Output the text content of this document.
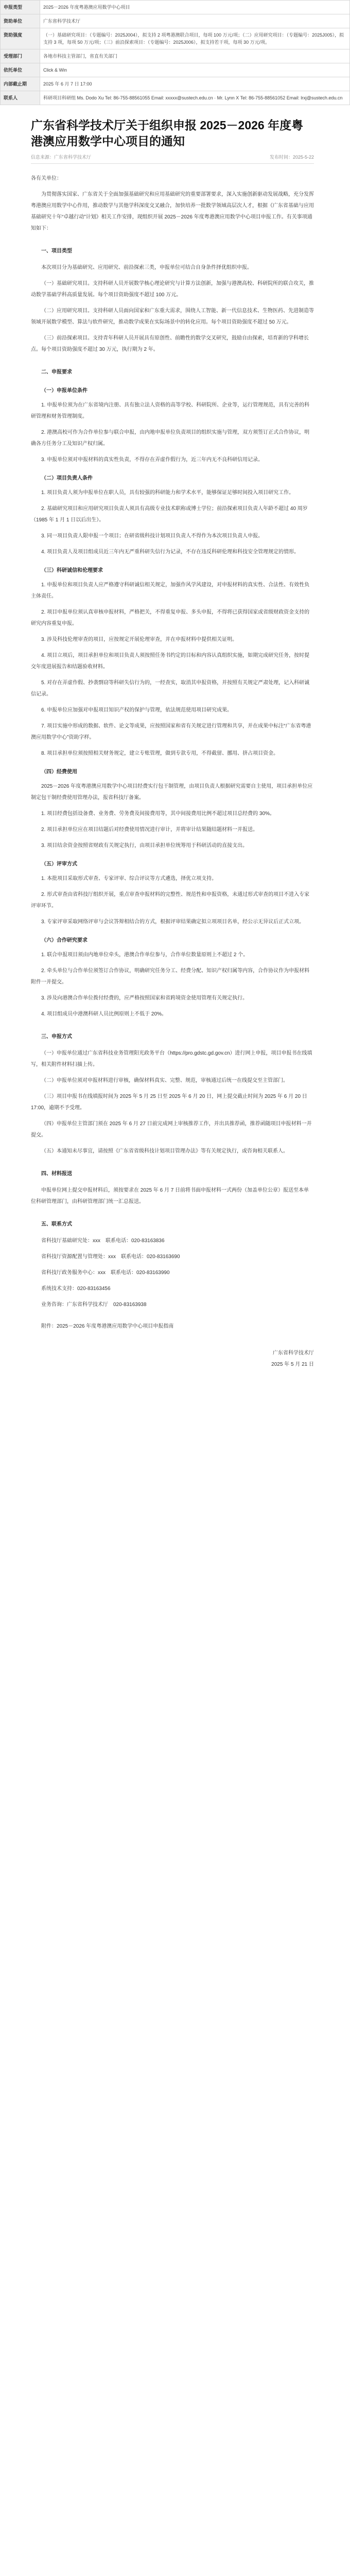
申报类型	2025－2026 年度粤港澳应用数学中心项目
资助单位	广东省科学技术厅
资助强度	（一）基础研究项目：（专题编号：2025J004），拟支持 2 项粤港澳联合项目，每项 100 万元/项；（二）应用研究项目：（专题编号：2025J005），拟支持 3 项，每项 50 万元/项；（三）前沿探索项目：（专题编号：2025J006），拟支持若干项，每项 30 万元/项。
受理部门	各地市科技主管部门，省直有关部门
依托单位	Click & Win
内部截止期	2025 年 6 月 7 日 17:00
联系人	科研项目科研组 Ms. Dodo Xu Tel: 86-755-88561055 Email: xxxxx@sustech.edu.cn · Mr. Lynn X Tel: 86-755-88561052 Email: lrxj@sustech.edu.cn
广东省科学技术厅关于组织申报 2025－2026 年度粤港澳应用数学中心项目的通知
信息来源：广东省科学技术厅	发布时间：2025-5-22

各有关单位：

为贯彻落实国家、广东省关于全面加强基础研究和应用基础研究的重要部署要求，深入实施创新驱动发展战略，充分发挥粤港澳应用数学中心作用，推动数学与其他学科深度交叉融合，加快培养一批数学领域高层次人才，根据《广东省基础与应用基础研究十年“卓越行动”计划》相关工作安排，现组织开展 2025－2026 年度粤港澳应用数学中心项目申报工作。有关事项通知如下：

一、项目类型

本次项目分为基础研究、应用研究、前沿探索三类，申报单位可结合自身条件择优组织申报。

（一）基础研究项目。支持科研人员开展数学核心理论研究与计算方法创新，加强与港澳高校、科研院所的联合攻关，推动数学基础学科高质量发展。每个项目资助强度不超过 100 万元。

（二）应用研究项目。支持科研人员面向国家和广东重大需求，围绕人工智能、新一代信息技术、生物医药、先进制造等领域开展数学模型、算法与软件研究，推动数学成果在实际场景中的转化应用。每个项目资助强度不超过 50 万元。

（三）前沿探索项目。支持青年科研人员开展具有原创性、前瞻性的数学交叉研究，鼓励自由探索，培育新的学科增长点。每个项目资助强度不超过 30 万元，执行期为 2 年。

二、申报要求
（一）申报单位条件

1. 申报单位须为在广东省境内注册、具有独立法人资格的高等学校、科研院所、企业等，运行管理规范，具有完善的科研管理和财务管理制度。

2. 港澳高校可作为合作单位参与联合申报，由内地申报单位负责项目的组织实施与管理，双方须签订正式合作协议，明确各方任务分工及知识产权归属。

3. 申报单位须对申报材料的真实性负责，不得存在弄虚作假行为，近三年内无不良科研信用记录。

（二）项目负责人条件

1. 项目负责人须为申报单位在职人员，具有较强的科研能力和学术水平，能够保证足够时间投入项目研究工作。

2. 基础研究项目和应用研究项目负责人须具有高级专业技术职称或博士学位；前沿探索项目负责人年龄不超过 40 周岁（1985 年 1 月 1 日以后出生）。

3. 同一项目负责人限申报一个项目；在研省级科技计划项目负责人不得作为本次项目负责人申报。

4. 项目负责人及项目组成员近三年内无严重科研失信行为记录，不存在违反科研伦理和科技安全管理规定的情形。

（三）科研诚信和伦理要求

1. 申报单位和项目负责人应严格遵守科研诚信相关规定，加强作风学风建设，对申报材料的真实性、合法性、有效性负主体责任。

2. 项目申报单位须认真审核申报材料，严格把关，不得重复申报、多头申报，不得将已获得国家或省级财政资金支持的研究内容重复申报。

3. 涉及科技伦理审查的项目，应按规定开展伦理审查，并在申报材料中提供相关证明。

4. 项目立项后，项目承担单位和项目负责人须按照任务书约定的目标和内容认真组织实施，如期完成研究任务，按时提交年度进展报告和结题验收材料。

5. 对存在弄虚作假、抄袭剽窃等科研失信行为的，一经查实，取消其申报资格，并按照有关规定严肃处理，记入科研诚信记录。

6. 申报单位应加强对申报项目知识产权的保护与管理，依法规范使用项目研究成果。

7. 项目实施中形成的数据、软件、论文等成果，应按照国家和省有关规定进行管理和共享，并在成果中标注“广东省粤港澳应用数学中心”资助字样。

8. 项目承担单位须按照相关财务规定，建立专账管理，做到专款专用，不得截留、挪用、挤占项目资金。

（四）经费使用

2025－2026 年度粤港澳应用数学中心项目经费实行包干制管理，由项目负责人根据研究需要自主使用，项目承担单位应制定包干制经费使用管理办法，报省科技厅备案。

1. 项目经费包括设备费、业务费、劳务费及间接费用等，其中间接费用比例不超过项目总经费的 30%。

2. 项目承担单位应在项目结题后对经费使用情况进行审计，并将审计结果随结题材料一并报送。

3. 项目结余资金按照省财政有关规定执行，由项目承担单位统筹用于科研活动的直接支出。

（五）评审方式

1. 本批项目采取形式审查、专家评审、综合评议等方式遴选，择优立项支持。

2. 形式审查由省科技厅组织开展，重点审查申报材料的完整性、规范性和申报资格，未通过形式审查的项目不进入专家评审环节。

3. 专家评审采取网络评审与会议答辩相结合的方式，根据评审结果确定拟立项项目名单，经公示无异议后正式立项。

（六）合作研究要求

1. 联合申报项目须由内地单位牵头，港澳合作单位参与，合作单位数量原则上不超过 2 个。

2. 牵头单位与合作单位须签订合作协议，明确研究任务分工、经费分配、知识产权归属等内容，合作协议作为申报材料附件一并提交。

3. 涉及向港澳合作单位拨付经费的，应严格按照国家和省跨境资金使用管理有关规定执行。

4. 项目组成员中港澳科研人员比例原则上不低于 20%。

三、申报方式

（一）申报单位通过广东省科技业务管理阳光政务平台（https://pro.gdstc.gd.gov.cn）进行网上申报，项目申报书在线填写，相关附件材料扫描上传。

（二）申报单位须对申报材料进行审核，确保材料真实、完整、规范，审核通过后统一在线提交至主管部门。

（三）项目申报书在线填报时间为 2025 年 5 月 25 日至 2025 年 6 月 20 日，网上提交截止时间为 2025 年 6 月 20 日 17:00，逾期不予受理。

（四）申报单位主管部门须在 2025 年 6 月 27 日前完成网上审核推荐工作，并出具推荐函，推荐函随项目申报材料一并提交。

（五）本通知未尽事宜，请按照《广东省省级科技计划项目管理办法》等有关规定执行，或咨询相关联系人。

四、材料报送

申报单位网上提交申报材料后，须按要求在 2025 年 6 月 7 日前将书面申报材料一式两份（加盖单位公章）报送至本单位科研管理部门，由科研管理部门统一汇总报送。

五、联系方式

省科技厅基础研究处：xxx　联系电话：020-83163836

省科技厅资源配置与管理处：xxx　联系电话：020-83163690

省科技厅政务服务中心：xxx　联系电话：020-83163990

系统技术支持：020-83163456

业务咨询：广东省科学技术厅　020-83163938

附件：2025－2026 年度粤港澳应用数学中心项目申报指南

广东省科学技术厅

2025 年 5 月 21 日
